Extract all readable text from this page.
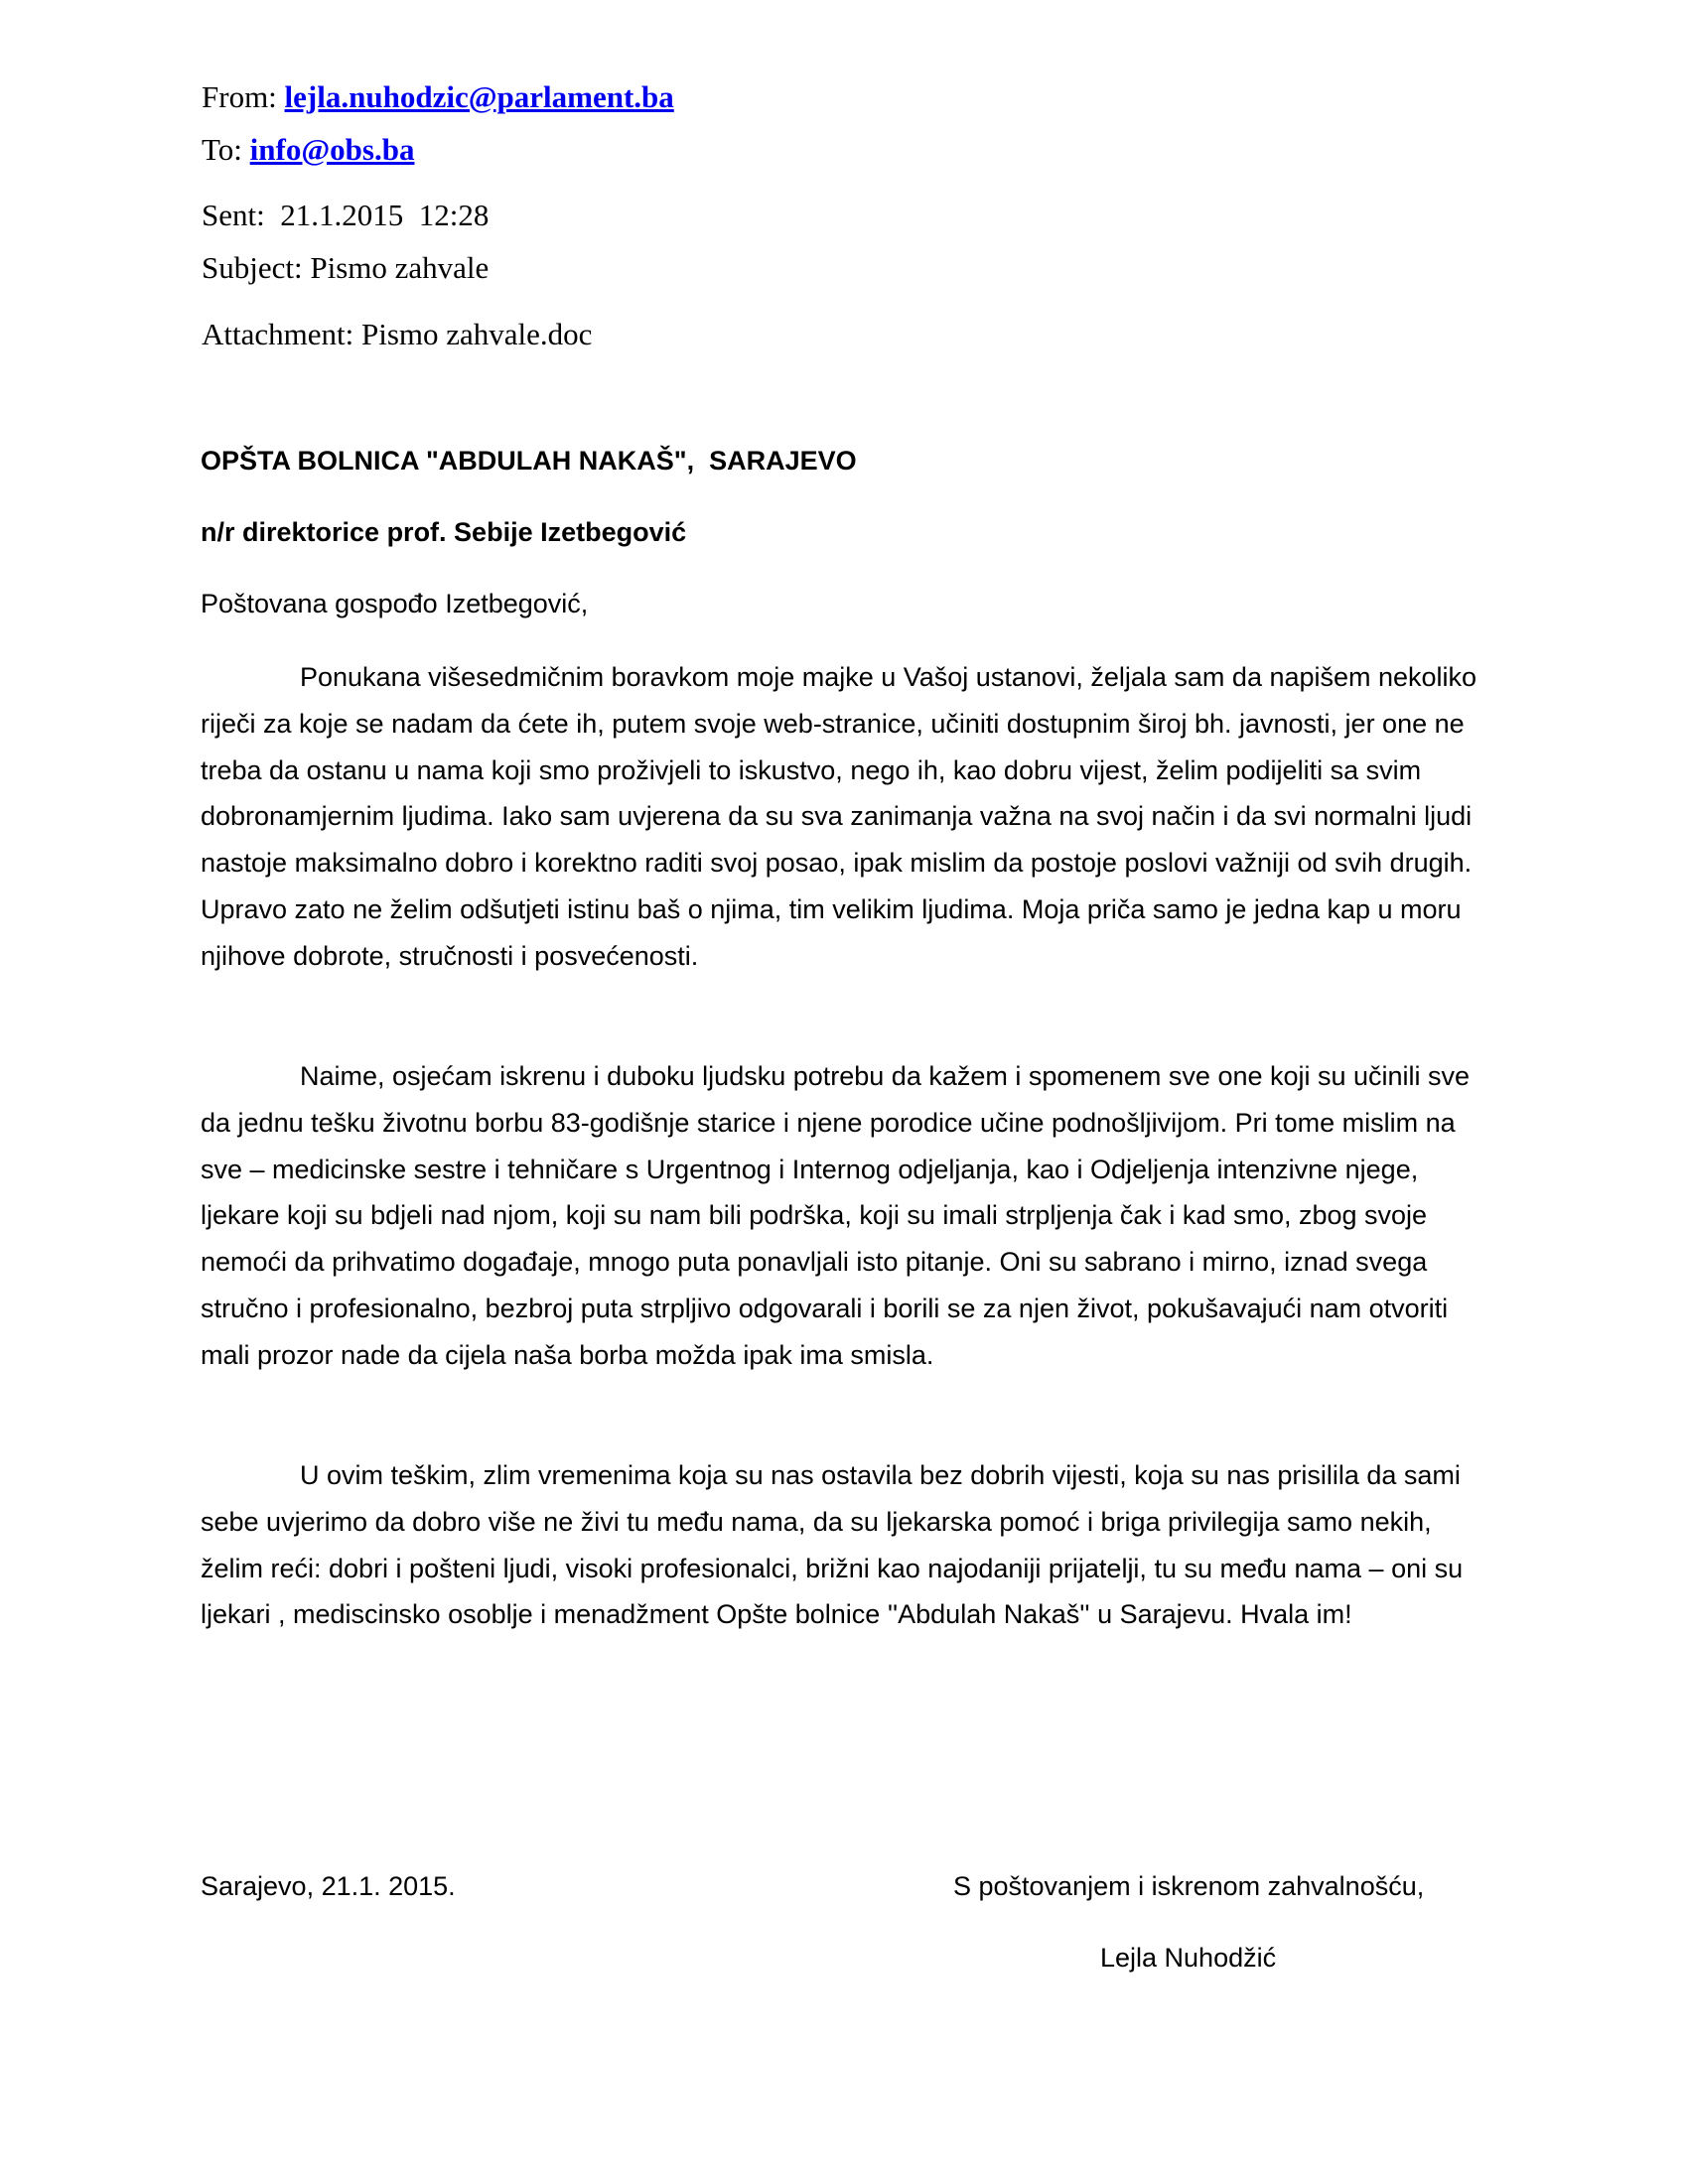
From: lejla.nuhodzic@parlament.ba
To: info@obs.ba
Sent: 21.1.2015 12:28
Subject: Pismo zahvale
Attachment: Pismo zahvale.doc
OPŠTA BOLNICA "ABDULAH NAKAŠ",  SARAJEVO
n/r direktorice prof. Sebije Izetbegović
Poštovana gospođo Izetbegović,

Ponukana višesedmičnim boravkom moje majke u Vašoj ustanovi, željala sam da napišem nekoliko riječi za koje se nadam da ćete ih, putem svoje web-stranice, učiniti dostupnim široj bh. javnosti, jer one ne treba da ostanu u nama koji smo proživjeli to iskustvo, nego ih, kao dobru vijest, želim podijeliti sa svim dobronamjernim ljudima. Iako sam uvjerena da su sva zanimanja važna na svoj način i da svi normalni ljudi nastoje maksimalno dobro i korektno raditi svoj posao, ipak mislim da postoje poslovi važniji od svih drugih. Upravo zato ne želim odšutjeti istinu baš o njima, tim velikim ljudima. Moja priča samo je jedna kap u moru njihove dobrote, stručnosti i posvećenosti.

Naime, osjećam iskrenu i duboku ljudsku potrebu da kažem i spomenem sve one koji su učinili sve da jednu tešku životnu borbu 83-godišnje starice i njene porodice učine podnošljivijom. Pri tome mislim na sve – medicinske sestre i tehničare s Urgentnog i Internog odjeljanja, kao i Odjeljenja intenzivne njege, ljekare koji su bdjeli nad njom, koji su nam bili podrška, koji su imali strpljenja čak i kad smo, zbog svoje nemoći da prihvatimo događaje, mnogo puta ponavljali isto pitanje. Oni su sabrano i mirno, iznad svega stručno i profesionalno, bezbroj puta strpljivo odgovarali i borili se za njen život, pokušavajući nam otvoriti mali prozor nade da cijela naša borba možda ipak ima smisla.

U ovim teškim, zlim vremenima koja su nas ostavila bez dobrih vijesti, koja su nas prisilila da sami sebe uvjerimo da dobro više ne živi tu među nama, da su ljekarska pomoć i briga privilegija samo nekih, želim reći: dobri i pošteni ljudi, visoki profesionalci, brižni kao najodaniji prijatelji, tu su među nama – oni su ljekari , mediscinsko osoblje i menadžment Opšte bolnice ''Abdulah Nakaš'' u Sarajevu. Hvala im!

Sarajevo, 21.1. 2015.	S poštovanjem i iskrenom zahvalnošću,
Lejla Nuhodžić
